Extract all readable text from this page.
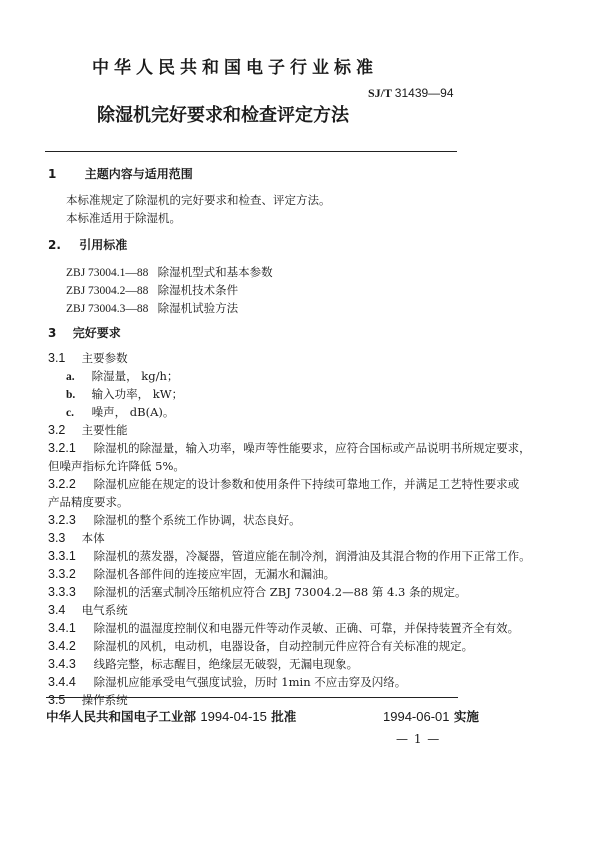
中华人民共和国电子行业标准
SJ/T 31439—94
除湿机完好要求和检查评定方法
1 主题内容与适用范围
本标准规定了除湿机的完好要求和检查、评定方法。
本标准适用于除湿机。
2. 引用标准
ZBJ 73004.1—88 除湿机型式和基本参数
ZBJ 73004.2—88 除湿机技术条件
ZBJ 73004.3—88 除湿机试验方法
3 完好要求
3.1 主要参数
a. 除湿量， kg/h；
b. 输入功率， kW；
c. 噪声， dB(A)。
3.2 主要性能
3.2.1 除湿机的除湿量，输入功率，噪声等性能要求，应符合国标或产品说明书所规定要求，
但噪声指标允许降低 5%。
3.2.2 除湿机应能在规定的设计参数和使用条件下持续可靠地工作，并满足工艺特性要求或
产品精度要求。
3.2.3 除湿机的整个系统工作协调，状态良好。
3.3 本体
3.3.1 除湿机的蒸发器，冷凝器，管道应能在制冷剂，润滑油及其混合物的作用下正常工作。
3.3.2 除湿机各部件间的连接应牢固，无漏水和漏油。
3.3.3 除湿机的活塞式制冷压缩机应符合 ZBJ 73004.2—88 第 4.3 条的规定。
3.4 电气系统
3.4.1 除湿机的温湿度控制仪和电器元件等动作灵敏、正确、可靠，并保持装置齐全有效。
3.4.2 除湿机的风机，电动机，电器设备，自动控制元件应符合有关标准的规定。
3.4.3 线路完整，标志醒目，绝缘层无破裂，无漏电现象。
3.4.4 除湿机应能承受电气强度试验，历时 1min 不应击穿及闪络。
3.5 操作系统
中华人民共和国电子工业部 1994-04-15 批准	1994-06-01 实施
— 1 —
